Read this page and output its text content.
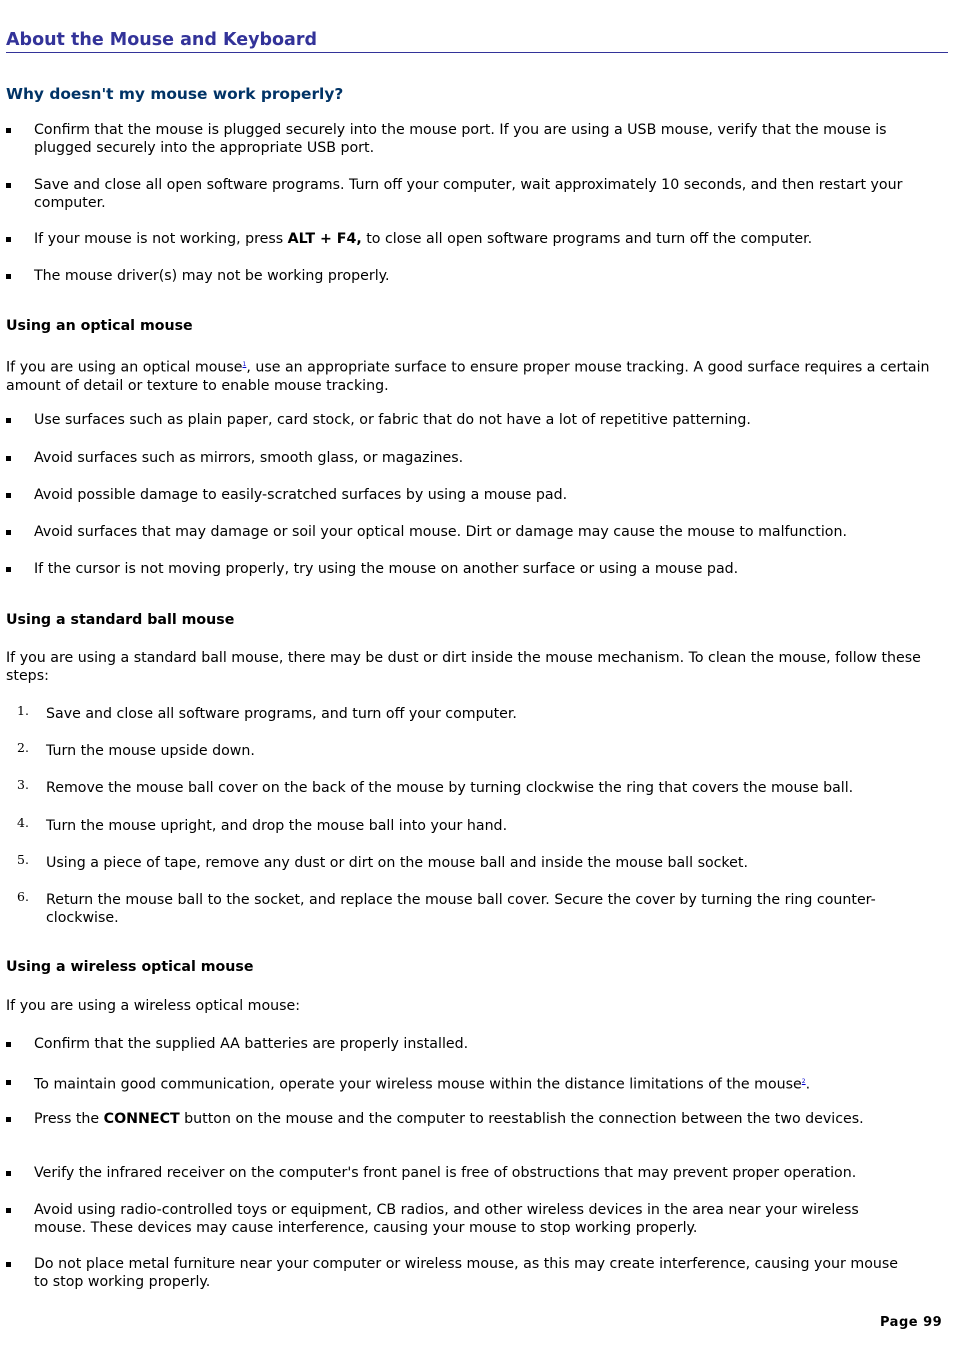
About the Mouse and Keyboard
Why doesn't my mouse work properly?
Confirm that the mouse is plugged securely into the mouse port. If you are using a USB mouse, verify that the mouse is plugged securely into the appropriate USB port.
Save and close all open software programs. Turn off your computer, wait approximately 10 seconds, and then restart your computer.
If your mouse is not working, press ALT + F4, to close all open software programs and turn off the computer.
The mouse driver(s) may not be working properly.
Using an optical mouse
If you are using an optical mouse$^1$, use an appropriate surface to ensure proper mouse tracking. A good surface requires a certain amount of detail or texture to enable mouse tracking.
Use surfaces such as plain paper, card stock, or fabric that do not have a lot of repetitive patterning.
Avoid surfaces such as mirrors, smooth glass, or magazines.
Avoid possible damage to easily-scratched surfaces by using a mouse pad.
Avoid surfaces that may damage or soil your optical mouse. Dirt or damage may cause the mouse to malfunction.
If the cursor is not moving properly, try using the mouse on another surface or using a mouse pad.
Using a standard ball mouse
If you are using a standard ball mouse, there may be dust or dirt inside the mouse mechanism. To clean the mouse, follow these steps:
1. Save and close all software programs, and turn off your computer.
2. Turn the mouse upside down.
3. Remove the mouse ball cover on the back of the mouse by turning clockwise the ring that covers the mouse ball.
4. Turn the mouse upright, and drop the mouse ball into your hand.
5. Using a piece of tape, remove any dust or dirt on the mouse ball and inside the mouse ball socket.
6. Return the mouse ball to the socket, and replace the mouse ball cover. Secure the cover by turning the ring counter-clockwise.
Using a wireless optical mouse
If you are using a wireless optical mouse:
Confirm that the supplied AA batteries are properly installed.
To maintain good communication, operate your wireless mouse within the distance limitations of the mouse$^2$.
Press the CONNECT button on the mouse and the computer to reestablish the connection between the two devices.
Verify the infrared receiver on the computer's front panel is free of obstructions that may prevent proper operation.
Avoid using radio-controlled toys or equipment, CB radios, and other wireless devices in the area near your wireless mouse. These devices may cause interference, causing your mouse to stop working properly.
Do not place metal furniture near your computer or wireless mouse, as this may create interference, causing your mouse to stop working properly.
Page 99
